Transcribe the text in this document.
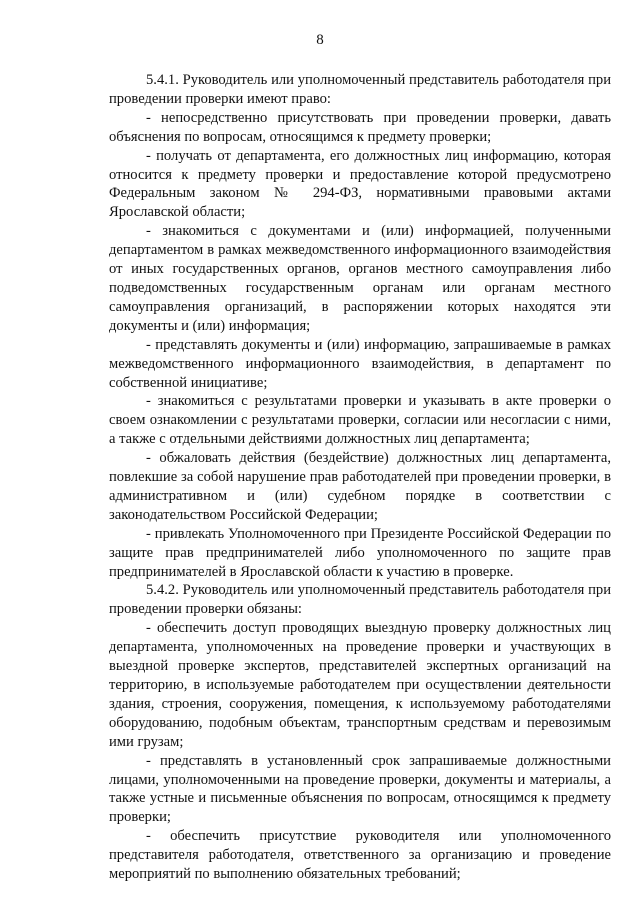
8

5.4.1. Руководитель или уполномоченный представитель работодателя при проведении проверки имеют право:

- непосредственно присутствовать при проведении проверки, давать объяснения по вопросам, относящимся к предмету проверки;

- получать от департамента, его должностных лиц информацию, которая относится к предмету проверки и предоставление которой предусмотрено Федеральным законом № 294-ФЗ, нормативными правовыми актами Ярославской области;

- знакомиться с документами и (или) информацией, полученными департаментом в рамках межведомственного информационного взаимодействия от иных государственных органов, органов местного самоуправления либо подведомственных государственным органам или органам местного самоуправления организаций, в распоряжении которых находятся эти документы и (или) информация;

- представлять документы и (или) информацию, запрашиваемые в рамках межведомственного информационного взаимодействия, в департамент по собственной инициативе;

- знакомиться с результатами проверки и указывать в акте проверки о своем ознакомлении с результатами проверки, согласии или несогласии с ними, а также с отдельными действиями должностных лиц департамента;

- обжаловать действия (бездействие) должностных лиц департамента, повлекшие за собой нарушение прав работодателей при проведении проверки, в административном и (или) судебном порядке в соответствии с законодательством Российской Федерации;

- привлекать Уполномоченного при Президенте Российской Федерации по защите прав предпринимателей либо уполномоченного по защите прав предпринимателей в Ярославской области к участию в проверке.

5.4.2. Руководитель или уполномоченный представитель работодателя при проведении проверки обязаны:

- обеспечить доступ проводящих выездную проверку должностных лиц департамента, уполномоченных на проведение проверки и участвующих в выездной проверке экспертов, представителей экспертных организаций на территорию, в используемые работодателем при осуществлении деятельности здания, строения, сооружения, помещения, к используемому работодателями оборудованию, подобным объектам, транспортным средствам и перевозимым ими грузам;

- представлять в установленный срок запрашиваемые должностными лицами, уполномоченными на проведение проверки, документы и материалы, а также устные и письменные объяснения по вопросам, относящимся к предмету проверки;

- обеспечить присутствие руководителя или уполномоченного представителя работодателя, ответственного за организацию и проведение мероприятий по выполнению обязательных требований;
